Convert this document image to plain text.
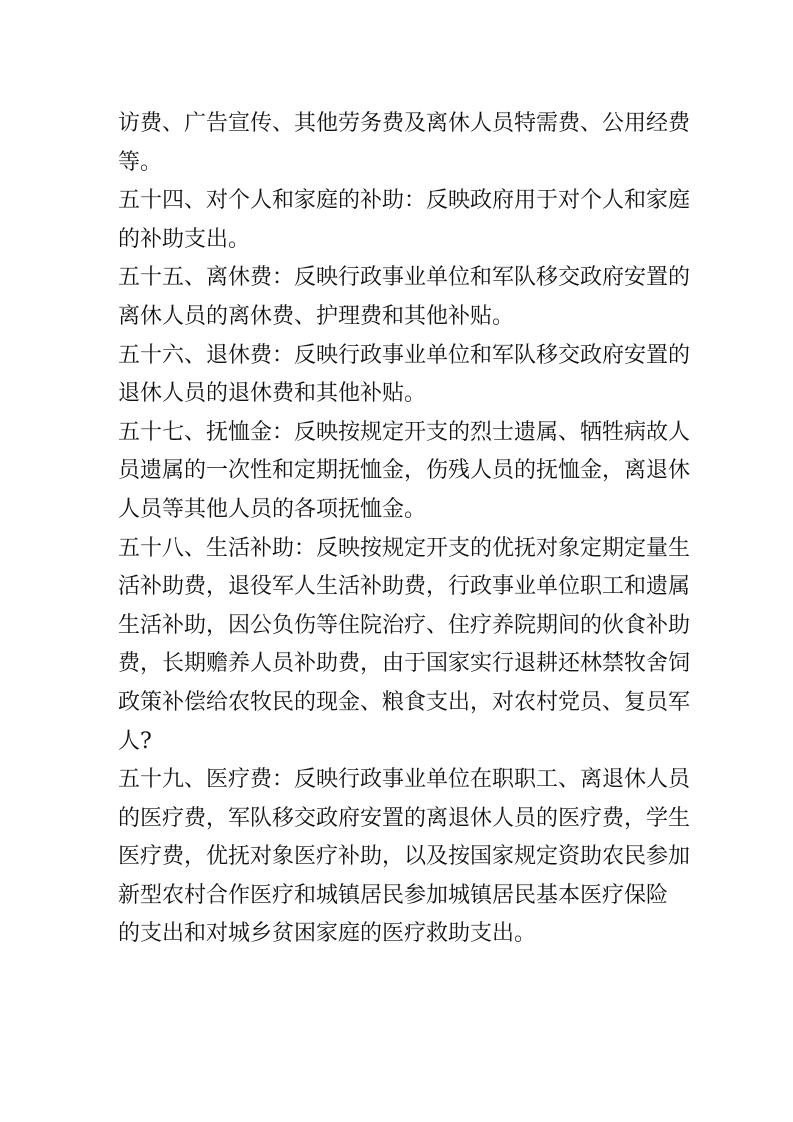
访费、广告宣传、其他劳务费及离休人员特需费、公用经费
等。
五十四、对个人和家庭的补助：反映政府用于对个人和家庭
的补助支出。
五十五、离休费：反映行政事业单位和军队移交政府安置的
离休人员的离休费、护理费和其他补贴。
五十六、退休费：反映行政事业单位和军队移交政府安置的
退休人员的退休费和其他补贴。
五十七、抚恤金：反映按规定开支的烈士遗属、牺牲病故人
员遗属的一次性和定期抚恤金，伤残人员的抚恤金，离退休
人员等其他人员的各项抚恤金。
五十八、生活补助：反映按规定开支的优抚对象定期定量生
活补助费，退役军人生活补助费，行政事业单位职工和遗属
生活补助，因公负伤等住院治疗、住疗养院期间的伙食补助
费，长期赡养人员补助费，由于国家实行退耕还林禁牧舍饲
政策补偿给农牧民的现金、粮食支出，对农村党员、复员军
人?
五十九、医疗费：反映行政事业单位在职职工、离退休人员
的医疗费，军队移交政府安置的离退休人员的医疗费，学生
医疗费，优抚对象医疗补助，以及按国家规定资助农民参加
新型农村合作医疗和城镇居民参加城镇居民基本医疗保险
的支出和对城乡贫困家庭的医疗救助支出。
